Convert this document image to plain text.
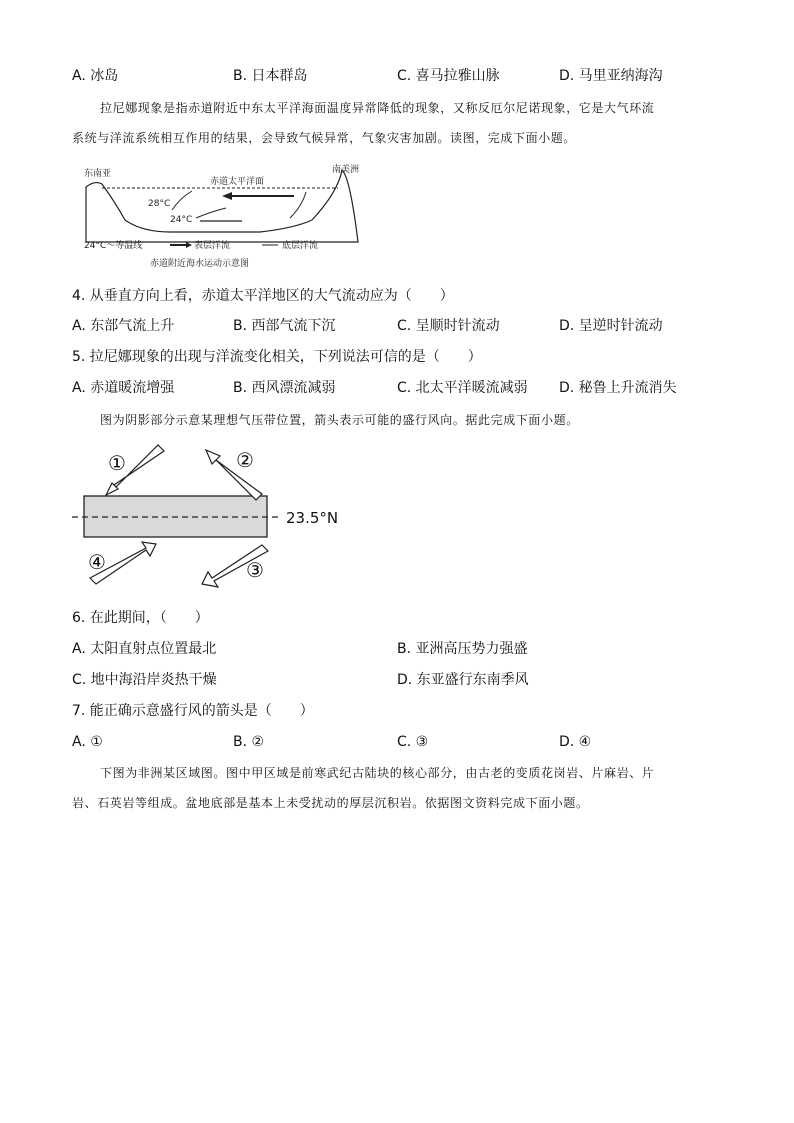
A. 冰岛	B. 日本群岛	C. 喜马拉雅山脉	D. 马里亚纳海沟
拉尼娜现象是指赤道附近中东太平洋海面温度异常降低的现象，又称反厄尔尼诺现象，它是大气环流
系统与洋流系统相互作用的结果，会导致气候异常，气象灾害加剧。读图，完成下面小题。
东南亚	南美洲
赤道太平洋面
28°C
24°C
24°C～等温线	表层洋流	底层洋流
赤道附近海水运动示意图
4. 从垂直方向上看，赤道太平洋地区的大气流动应为（　　）
A. 东部气流上升	B. 西部气流下沉	C. 呈顺时针流动	D. 呈逆时针流动
5. 拉尼娜现象的出现与洋流变化相关，下列说法可信的是（　　）
A. 赤道暖流增强	B. 西风漂流减弱	C. 北太平洋暖流减弱 D. 秘鲁上升流消失
图为阴影部分示意某理想气压带位置，箭头表示可能的盛行风向。据此完成下面小题。
23.5°N
①	②
④	③
6. 在此期间，（　　）
A. 太阳直射点位置最北	B. 亚洲高压势力强盛
C. 地中海沿岸炎热干燥	D. 东亚盛行东南季风
7. 能正确示意盛行风的箭头是（　　）
A. ①	B. ②	C. ③	D. ④
下图为非洲某区域图。图中甲区域是前寒武纪古陆块的核心部分，由古老的变质花岗岩、片麻岩、片
岩、石英岩等组成。盆地底部是基本上未受扰动的厚层沉积岩。依据图文资料完成下面小题。
